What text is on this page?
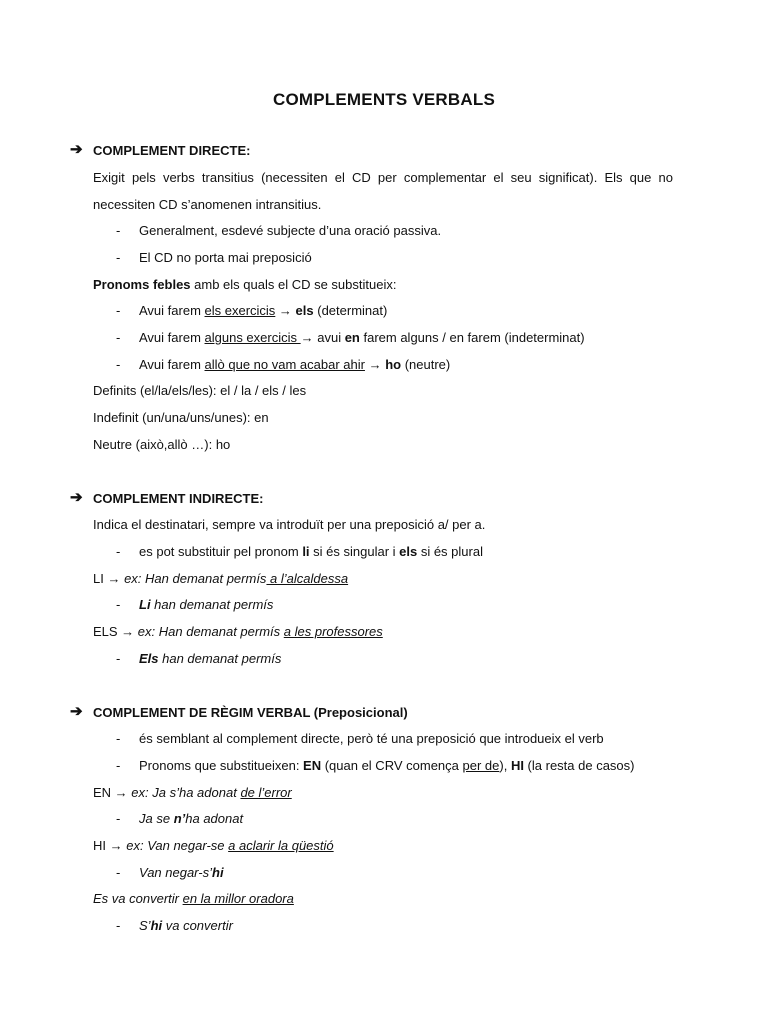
COMPLEMENTS VERBALS
➔ COMPLEMENT DIRECTE:
Exigit pels verbs transitius (necessiten el CD per complementar el seu significat). Els que no
necessiten CD s’anomenen intransitius.
- Generalment, esdevé subjecte d’una oració passiva.
- El CD no porta mai preposició
Pronoms febles amb els quals el CD se substitueix:
- Avui farem els exercicis → els (determinat)
- Avui farem alguns exercicis → avui en farem alguns / en farem (indeterminat)
- Avui farem allò que no vam acabar ahir → ho (neutre)
Definits (el/la/els/les): el / la / els / les
Indefinit (un/una/uns/unes): en
Neutre (això,allò …): ho
➔ COMPLEMENT INDIRECTE:
Indica el destinatari, sempre va introduït per una preposició a/ per a.
- es pot substituir pel pronom li si és singular i els si és plural
LI → ex: Han demanat permís a l’alcaldessa
- Li han demanat permís
ELS → ex: Han demanat permís a les professores
- Els han demanat permís
➔ COMPLEMENT DE RÈGIM VERBAL (Preposicional)
- és semblant al complement directe, però té una preposició que introdueix el verb
- Pronoms que substitueixen: EN (quan el CRV comença per de), HI (la resta de casos)
EN → ex: Ja s’ha adonat de l’error
- Ja se n’ha adonat
HI → ex: Van negar-se a aclarir la qüestió
- Van negar-s’hi
Es va convertir en la millor oradora
- S’hi va convertir
